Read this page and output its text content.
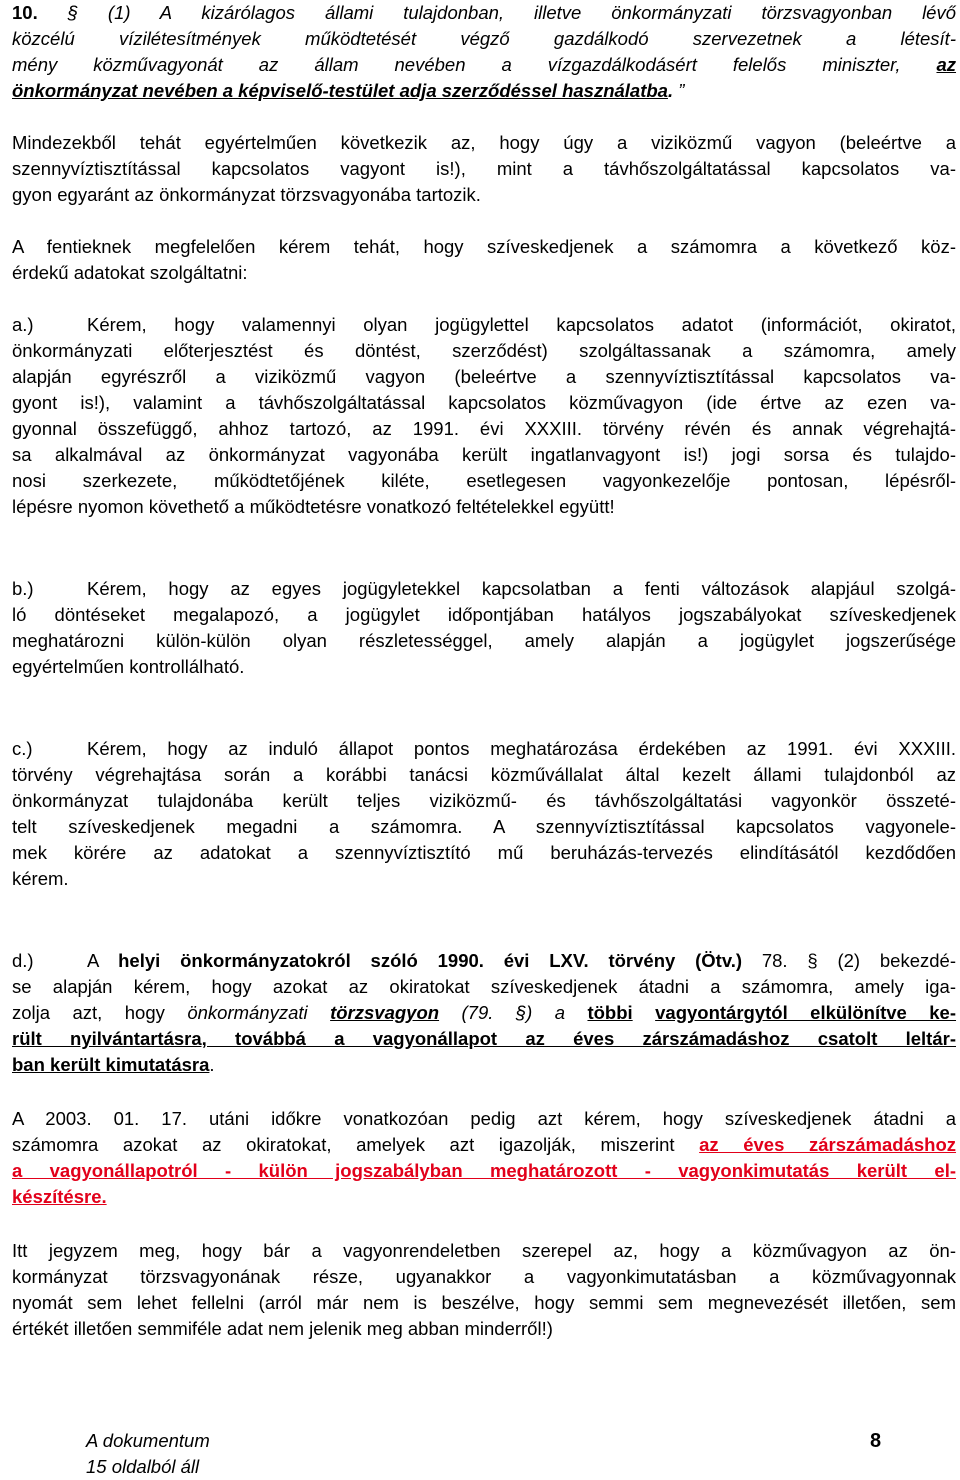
10. § (1) A kizárólagos állami tulajdonban, illetve önkormányzati törzsvagyonban lévő
közcélú vízilétesítmények működtetését végző gazdálkodó szervezetnek a létesít-
mény közművagyonát az állam nevében a vízgazdálkodásért felelős miniszter, az
önkormányzat nevében a képviselő-testület adja szerződéssel használatba. ”
Mindezekből tehát egyértelműen következik az, hogy úgy a viziközmű vagyon (beleértve a
szennyvíztisztítással kapcsolatos vagyont is!), mint a távhőszolgáltatással kapcsolatos va-
gyon egyaránt az önkormányzat törzsvagyonába tartozik.
A fentieknek megfelelően kérem tehát, hogy szíveskedjenek a számomra a következő köz-
érdekű adatokat szolgáltatni:
a.)	Kérem, hogy valamennyi olyan jogügylettel kapcsolatos adatot (információt, okiratot,
önkormányzati előterjesztést és döntést, szerződést) szolgáltassanak a számomra, amely
alapján egyrészről a viziközmű vagyon (beleértve a szennyvíztisztítással kapcsolatos va-
gyont is!), valamint a távhőszolgáltatással kapcsolatos közművagyon (ide értve az ezen va-
gyonnal összefüggő, ahhoz tartozó, az 1991. évi XXXIII. törvény révén és annak végrehajtá-
sa alkalmával az önkormányzat vagyonába került ingatlanvagyont is!) jogi sorsa és tulajdo-
nosi szerkezete, működtetőjének kiléte, esetlegesen vagyonkezelője pontosan, lépésről-
lépésre nyomon követhető a működtetésre vonatkozó feltételekkel együtt!
b.)	Kérem, hogy az egyes jogügyletekkel kapcsolatban a fenti változások alapjául szolgá-
ló döntéseket megalapozó, a jogügylet időpontjában hatályos jogszabályokat szíveskedjenek
meghatározni külön-külön olyan részletességgel, amely alapján a jogügylet jogszerűsége
egyértelműen kontrollálható.
c.)	Kérem, hogy az induló állapot pontos meghatározása érdekében az 1991. évi XXXIII.
törvény végrehajtása során a korábbi tanácsi közművállalat által kezelt állami tulajdonból az
önkormányzat tulajdonába került teljes viziközmű- és távhőszolgáltatási vagyonkör összeté-
telt szíveskedjenek megadni a számomra. A szennyvíztisztítással kapcsolatos vagyonele-
mek körére az adatokat a szennyvíztisztító mű beruházás-tervezés elindításától kezdődően
kérem.
d.)	A helyi önkormányzatokról szóló 1990. évi LXV. törvény (Ötv.) 78. § (2) bekezdé-
se alapján kérem, hogy azokat az okiratokat szíveskedjenek átadni a számomra, amely iga-
zolja azt, hogy önkormányzati törzsvagyon (79. §) a többi vagyontárgytól elkülönítve ke-
rült nyilvántartásra, továbbá a vagyonállapot az éves zárszámadáshoz csatolt leltár-
ban került kimutatásra.
A 2003. 01. 17. utáni időkre vonatkozóan pedig azt kérem, hogy szíveskedjenek átadni a
számomra azokat az okiratokat, amelyek azt igazolják, miszerint az éves zárszámadáshoz
a vagyonállapotról - külön jogszabályban meghatározott - vagyonkimutatás került el-
készítésre.
Itt jegyzem meg, hogy bár a vagyonrendeletben szerepel az, hogy a közművagyon az ön-
kormányzat törzsvagyonának része, ugyanakkor a vagyonkimutatásban a közművagyonnak
nyomát sem lehet fellelni (arról már nem is beszélve, hogy semmi sem megnevezését illetően, sem
értékét illetően semmiféle adat nem jelenik meg abban minderről!)
A dokumentum
15 oldalból áll
8
